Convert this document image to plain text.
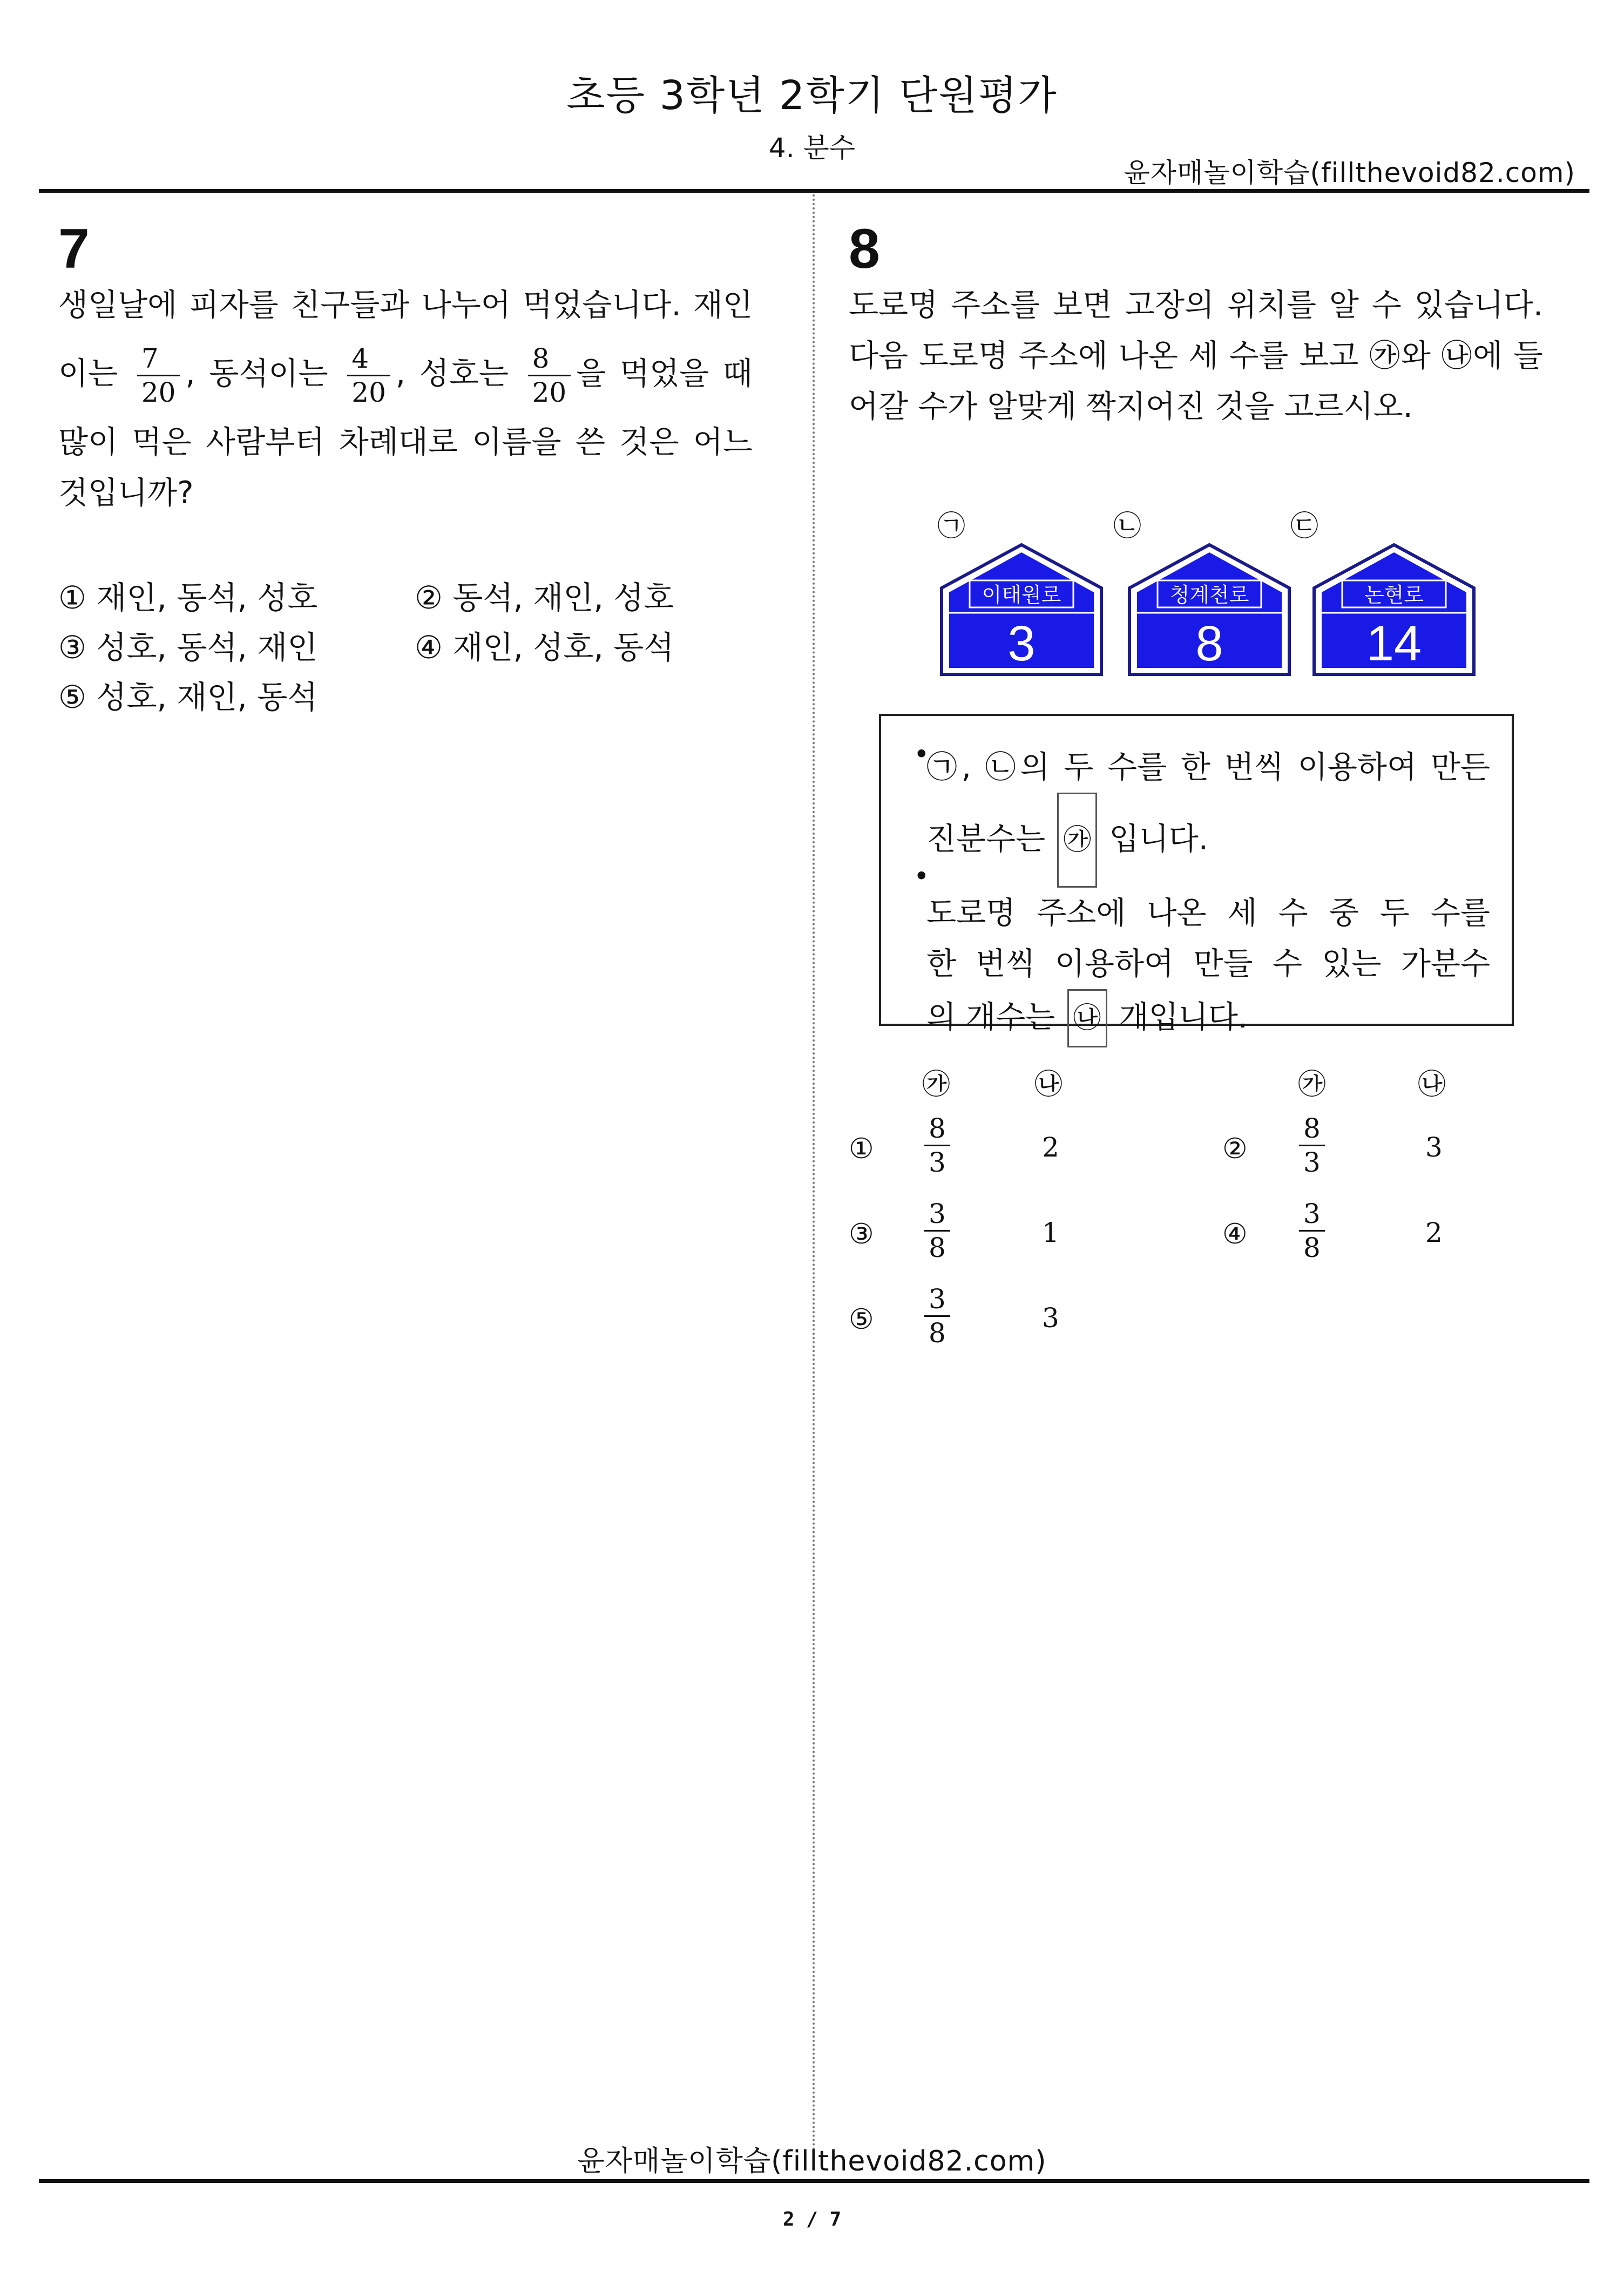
초등 3학년 2학기 단원평가
4. 분수
윤자매놀이학습(fillthevoid82.com)
7
생일날에 피자를 친구들과 나누어 먹었습니다. 재인
이는 $\frac{7}{20}$ , 동석이는 $\frac{4}{20}$ , 성호는 $\frac{8}{20}$ 을 먹었을 때
많이 먹은 사람부터 차례대로 이름을 쓴 것은 어느
것입니까?
① 재인, 동석, 성호	② 동석, 재인, 성호
③ 성호, 동석, 재인	④ 재인, 성호, 동석
⑤ 성호, 재인, 동석
8
도로명 주소를 보면 고장의 위치를 알 수 있습니다.
다음 도로명 주소에 나온 세 수를 보고 ㉮와 ㉯에 들
어갈 수가 알맞게 짝지어진 것을 고르시오.
㉠	㉡	㉢
이태원로
3
청계천로
8
논현로
14
•
㉠, ㉡의 두 수를 한 번씩 이용하여 만든
진분수는 ㉮ 입니다.
•
도로명 주소에 나온 세 수 중 두 수를
한 번씩 이용하여 만들 수 있는 가분수
의 개수는 ㉯ 개입니다.
㉮	㉯	㉮	㉯
① $\frac{8}{3}$	2	② $\frac{8}{3}$	3
③ $\frac{3}{8}$	1	④ $\frac{3}{8}$	2
⑤ $\frac{3}{8}$	3
윤자매놀이학습(fillthevoid82.com)
2 / 7
